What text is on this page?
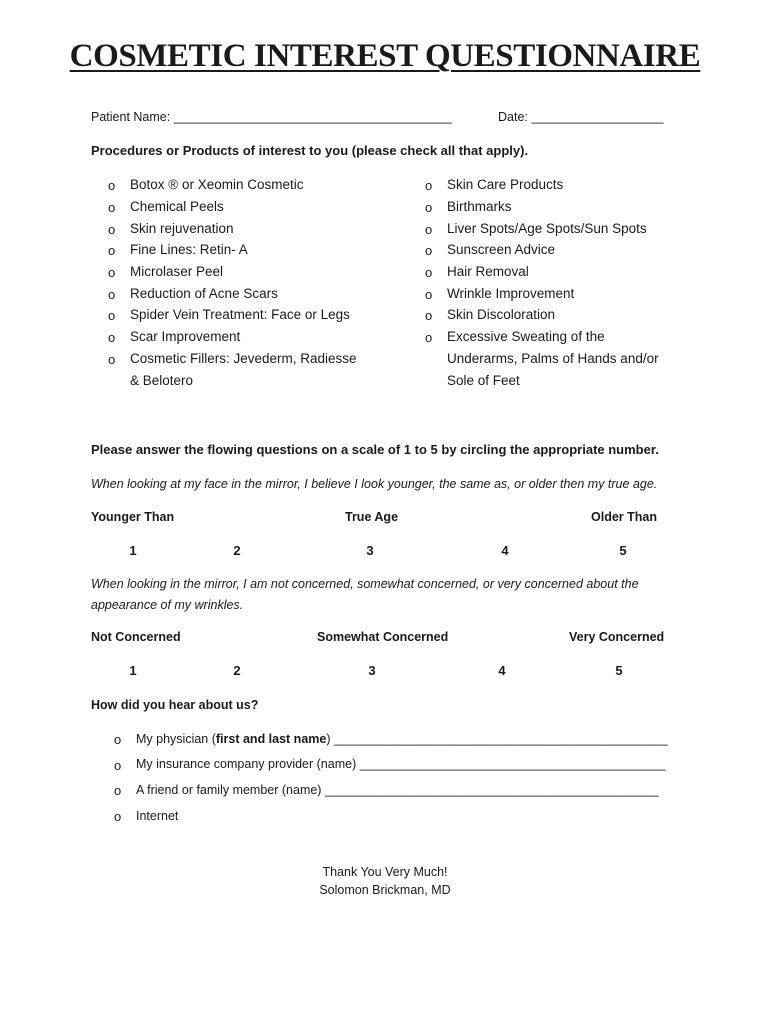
COSMETIC INTEREST QUESTIONNAIRE
Patient Name: ________________________________________	Date: ___________________
Procedures or Products of interest to you (please check all that apply).
o Botox ® or Xeomin Cosmetic
o Chemical Peels
o Skin rejuvenation
o Fine Lines: Retin- A
o Microlaser Peel
o Reduction of Acne Scars
o Spider Vein Treatment: Face or Legs
o Scar Improvement
o Cosmetic Fillers: Jevederm, Radiesse
& Belotero
o Skin Care Products
o Birthmarks
o Liver Spots/Age Spots/Sun Spots
o Sunscreen Advice
o Hair Removal
o Wrinkle Improvement
o Skin Discoloration
o Excessive Sweating of the
Underarms, Palms of Hands and/or
Sole of Feet
Please answer the flowing questions on a scale of 1 to 5 by circling the appropriate number.
When looking at my face in the mirror, I believe I look younger, the same as, or older then my true age.
Younger Than	True Age	Older Than
1	2	3	4	5
When looking in the mirror, I am not concerned, somewhat concerned, or very concerned about the
appearance of my wrinkles.
Not Concerned	Somewhat Concerned	Very Concerned
1	2	3	4	5
How did you hear about us?
o My physician (first and last name) ________________________________________________
o My insurance company provider (name) ____________________________________________
o A friend or family member (name) ________________________________________________
o Internet
Thank You Very Much!
Solomon Brickman, MD
